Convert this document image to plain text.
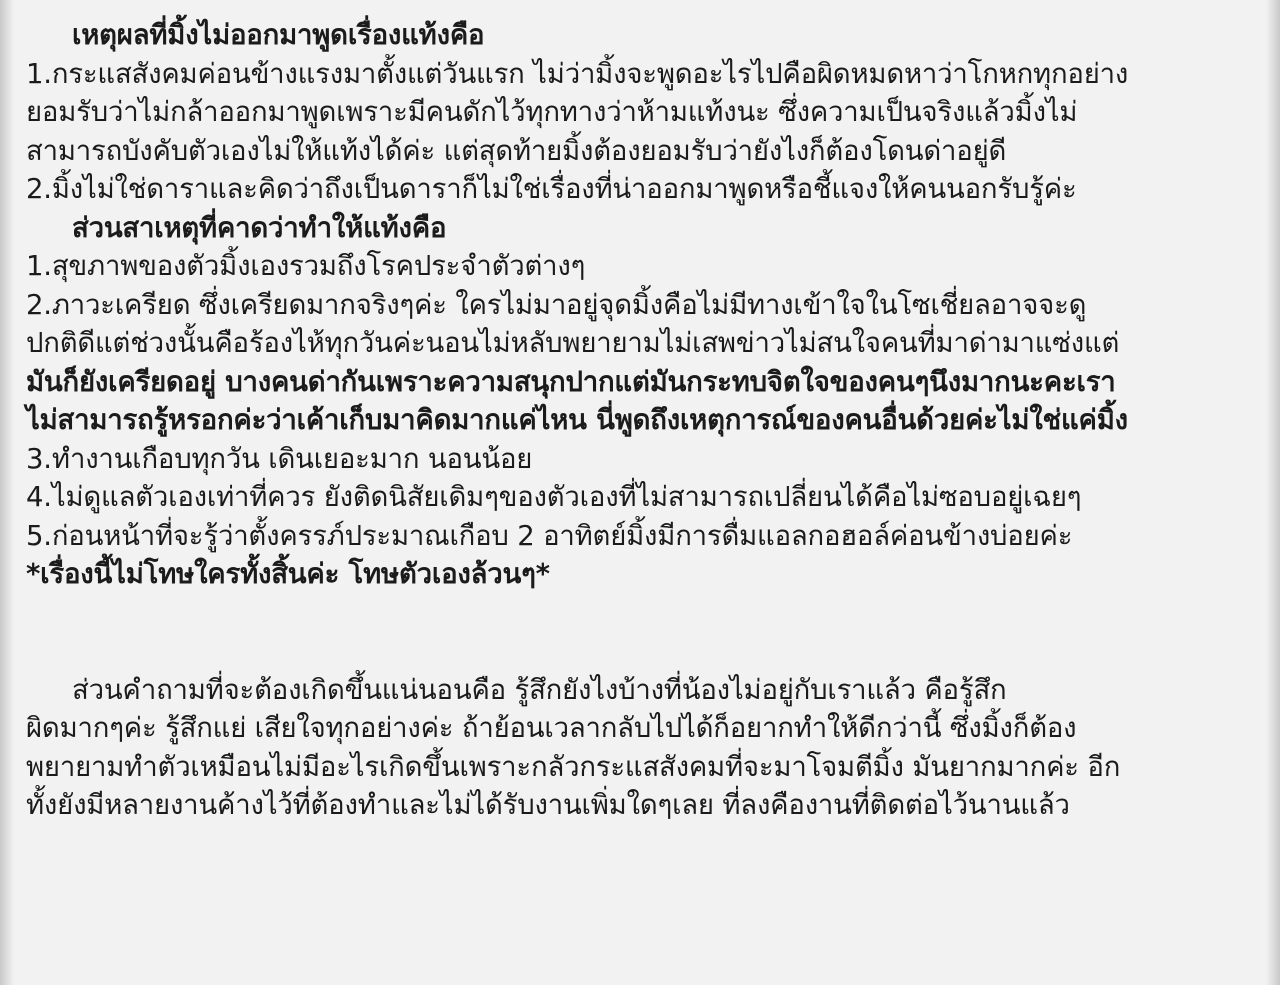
เหตุผลที่มิ้งไม่ออกมาพูดเรื่องแท้งคือ
1.กระแสสังคมค่อนข้างแรงมาตั้งแต่วันแรก ไม่ว่ามิ้งจะพูดอะไรไปคือผิดหมดหาว่าโกหกทุกอย่าง
ยอมรับว่าไม่กล้าออกมาพูดเพราะมีคนดักไว้ทุกทางว่าห้ามแท้งนะ ซึ่งความเป็นจริงแล้วมิ้งไม่
สามารถบังคับตัวเองไม่ให้แท้งได้ค่ะ แต่สุดท้ายมิ้งต้องยอมรับว่ายังไงก็ต้องโดนด่าอยู่ดี
2.มิ้งไม่ใช่ดาราและคิดว่าถึงเป็นดาราก็ไม่ใช่เรื่องที่น่าออกมาพูดหรือชี้แจงให้คนนอกรับรู้ค่ะ
ส่วนสาเหตุที่คาดว่าทำให้แท้งคือ
1.สุขภาพของตัวมิ้งเองรวมถึงโรคประจำตัวต่างๆ
2.ภาวะเครียด ซึ่งเครียดมากจริงๆค่ะ ใครไม่มาอยู่จุดมิ้งคือไม่มีทางเข้าใจในโซเชี่ยลอาจจะดู
ปกติดีแต่ช่วงนั้นคือร้องไห้ทุกวันค่ะนอนไม่หลับพยายามไม่เสพข่าวไม่สนใจคนที่มาด่ามาแซ่งแต่
มันก็ยังเครียดอยู่ บางคนด่ากันเพราะความสนุกปากแต่มันกระทบจิตใจของคนๆนึงมากนะคะเรา
ไม่สามารถรู้หรอกค่ะว่าเค้าเก็บมาคิดมากแค่ไหน นี่พูดถึงเหตุการณ์ของคนอื่นด้วยค่ะไม่ใช่แค่มิ้ง
3.ทำงานเกือบทุกวัน เดินเยอะมาก นอนน้อย
4.ไม่ดูแลตัวเองเท่าที่ควร ยังติดนิสัยเดิมๆของตัวเองที่ไม่สามารถเปลี่ยนได้คือไม่ซอบอยู่เฉยๆ
5.ก่อนหน้าที่จะรู้ว่าตั้งครรภ์ประมาณเกือบ 2 อาทิตย์มิ้งมีการดื่มแอลกอฮอล์ค่อนข้างบ่อยค่ะ
*เรื่องนี้ไม่โทษใครทั้งสิ้นค่ะ โทษตัวเองล้วนๆ*
ส่วนคำถามที่จะต้องเกิดขึ้นแน่นอนคือ รู้สึกยังไงบ้างที่น้องไม่อยู่กับเราแล้ว คือรู้สึก
ผิดมากๆค่ะ รู้สึกแย่ เสียใจทุกอย่างค่ะ ถ้าย้อนเวลากลับไปได้ก็อยากทำให้ดีกว่านี้ ซึ่งมิ้งก็ต้อง
พยายามทำตัวเหมือนไม่มีอะไรเกิดขึ้นเพราะกลัวกระแสสังคมที่จะมาโจมตีมิ้ง มันยากมากค่ะ อีก
ทั้งยังมีหลายงานค้างไว้ที่ต้องทำและไม่ได้รับงานเพิ่มใดๆเลย ที่ลงคืองานที่ติดต่อไว้นานแล้ว
